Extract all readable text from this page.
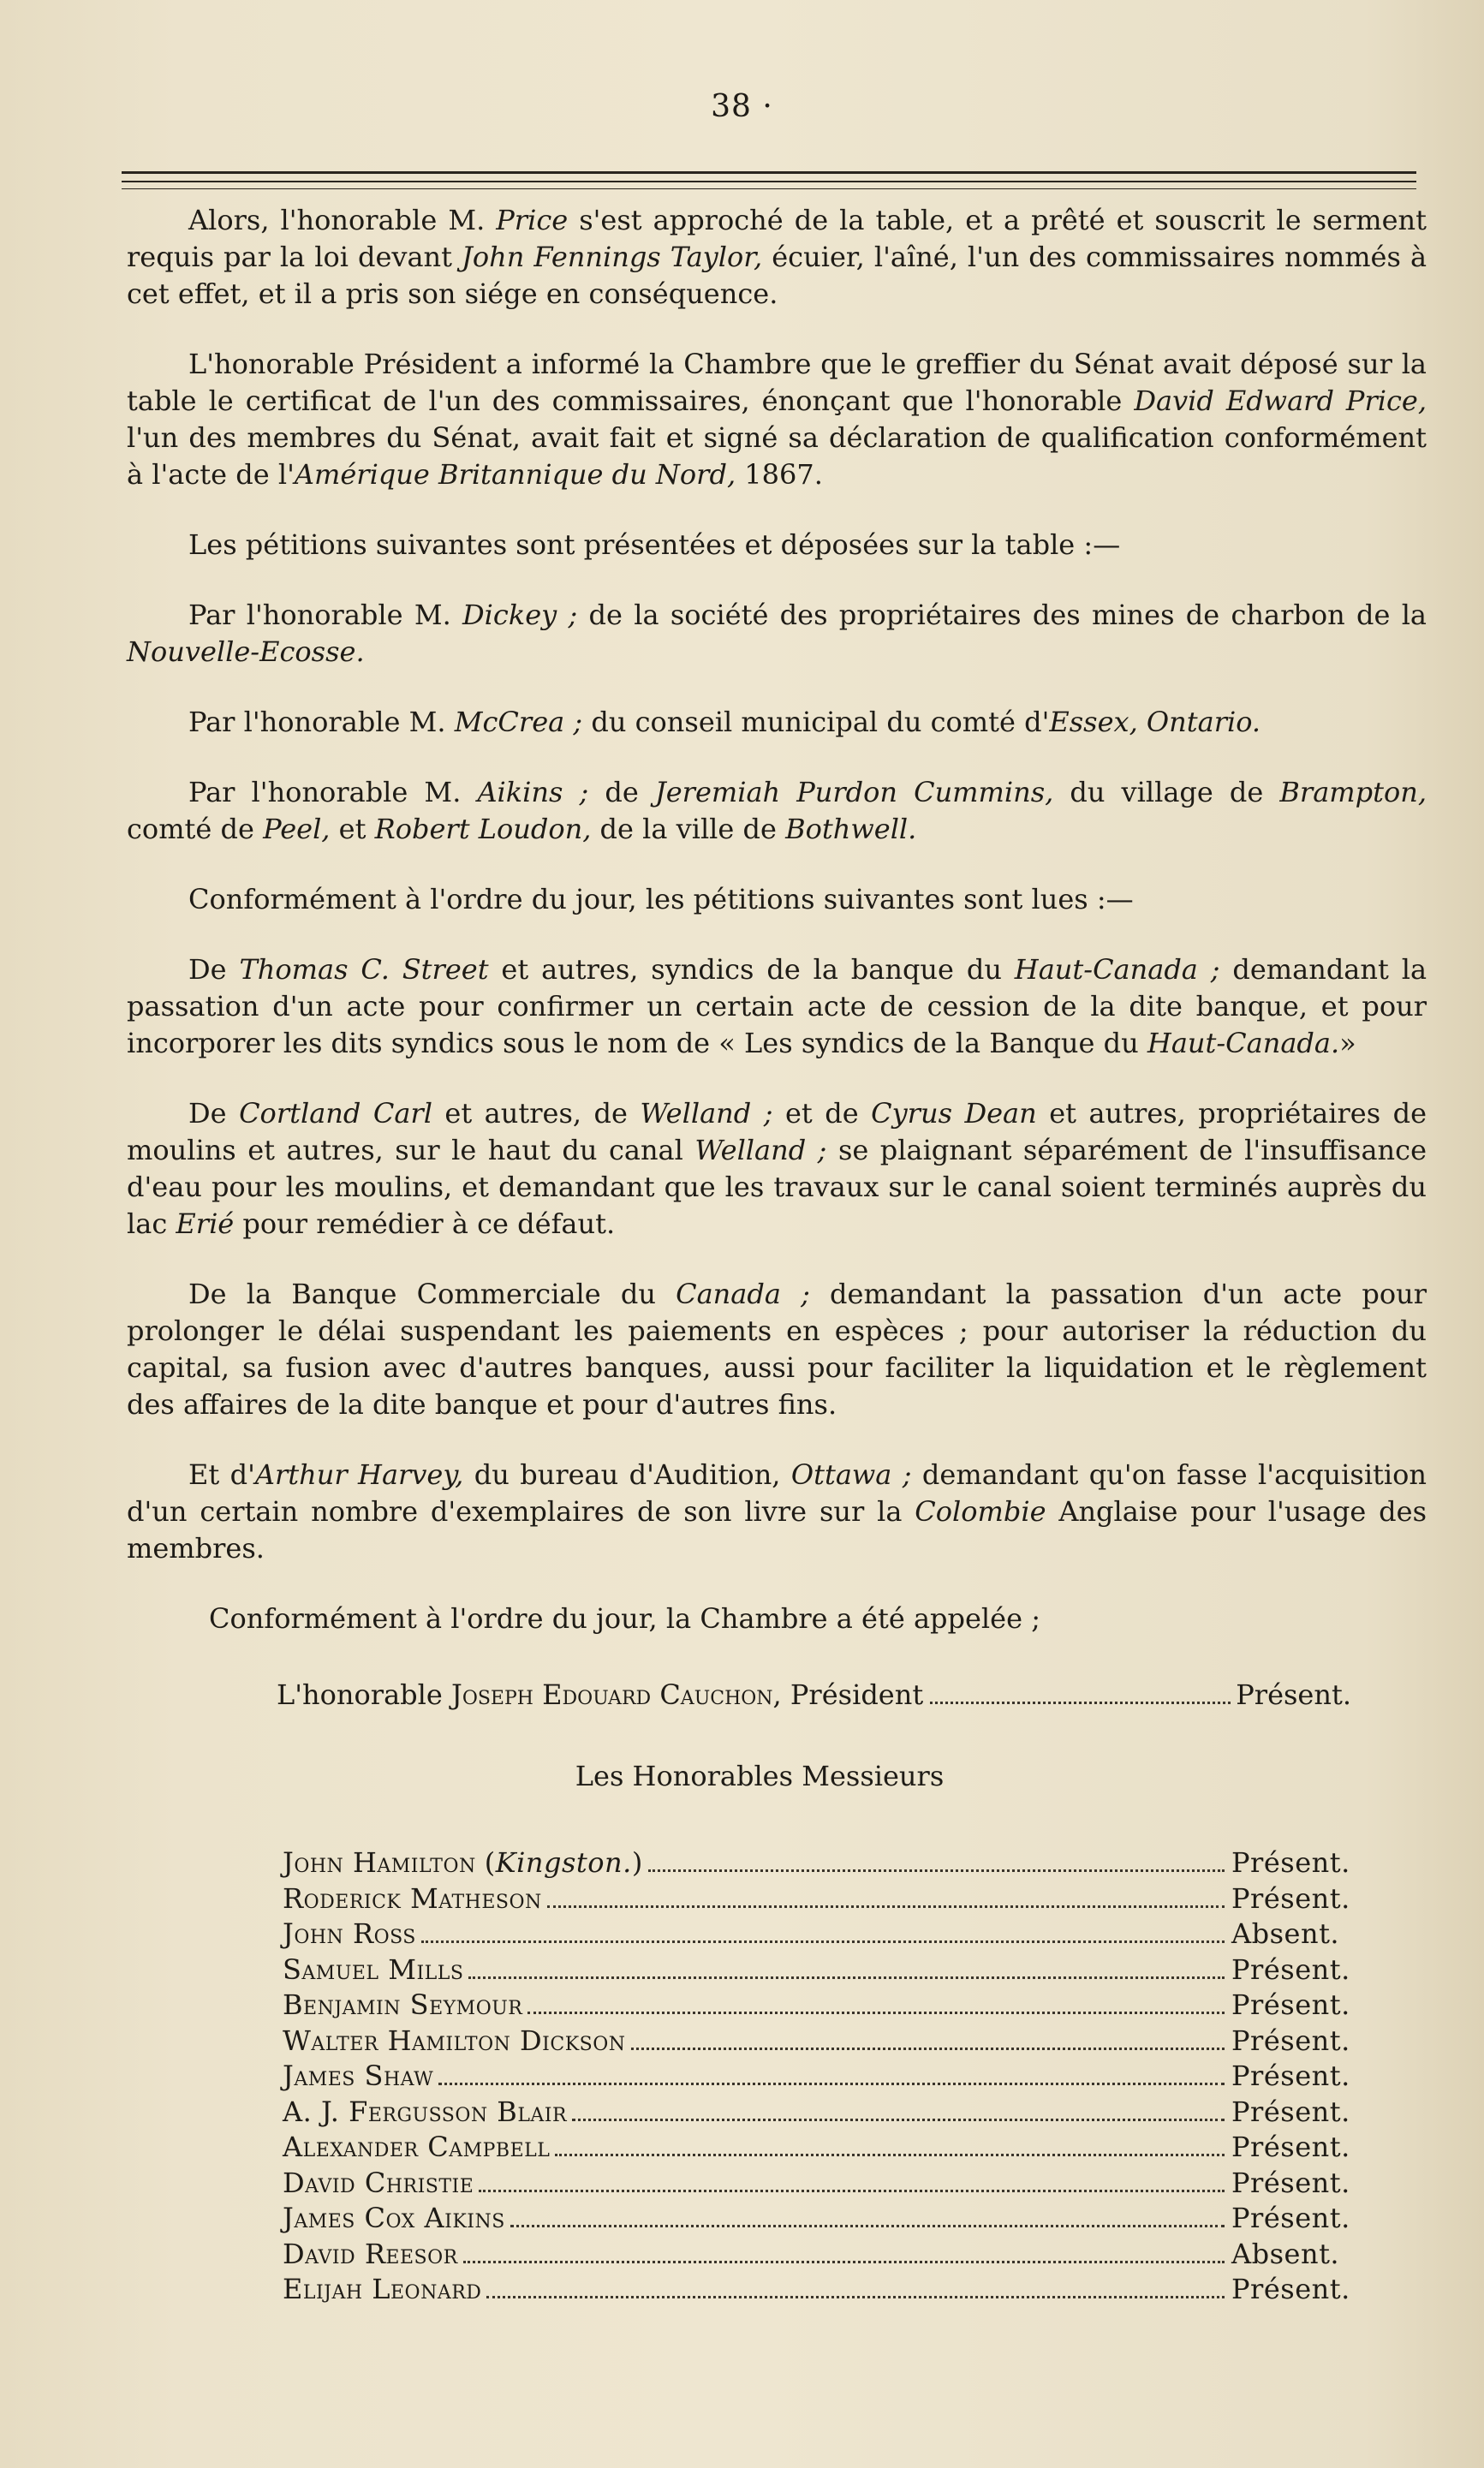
38 ·

Alors, l'honorable M. Price s'est approché de la table, et a prêté et souscrit le serment requis par la loi devant John Fennings Taylor, écuier, l'aîné, l'un des commissaires nommés à cet effet, et il a pris son siége en conséquence.

L'honorable Président a informé la Chambre que le greffier du Sénat avait déposé sur la table le certificat de l'un des commissaires, énonçant que l'honorable David Edward Price, l'un des membres du Sénat, avait fait et signé sa déclaration de qualification conformément à l'acte de l'Amérique Britannique du Nord, 1867.

Les pétitions suivantes sont présentées et déposées sur la table :—

Par l'honorable M. Dickey ; de la société des propriétaires des mines de charbon de la Nouvelle-Ecosse.

Par l'honorable M. McCrea ; du conseil municipal du comté d'Essex, Ontario.

Par l'honorable M. Aikins ; de Jeremiah Purdon Cummins, du village de Brampton, comté de Peel, et Robert Loudon, de la ville de Bothwell.

Conformément à l'ordre du jour, les pétitions suivantes sont lues :—

De Thomas C. Street et autres, syndics de la banque du Haut-Canada ; demandant la passation d'un acte pour confirmer un certain acte de cession de la dite banque, et pour incorporer les dits syndics sous le nom de « Les syndics de la Banque du Haut-Canada.»

De Cortland Carl et autres, de Welland ; et de Cyrus Dean et autres, propriétaires de moulins et autres, sur le haut du canal Welland ; se plaignant séparément de l'insuffisance d'eau pour les moulins, et demandant que les travaux sur le canal soient terminés auprès du lac Erié pour remédier à ce défaut.

De la Banque Commerciale du Canada ; demandant la passation d'un acte pour prolonger le délai suspendant les paiements en espèces ; pour autoriser la réduction du capital, sa fusion avec d'autres banques, aussi pour faciliter la liquidation et le règlement des affaires de la dite banque et pour d'autres fins.

Et d'Arthur Harvey, du bureau d'Audition, Ottawa ; demandant qu'on fasse l'acquisition d'un certain nombre d'exemplaires de son livre sur la Colombie Anglaise pour l'usage des membres.

Conformément à l'ordre du jour, la Chambre a été appelée ;

L'honorable
Joseph Edouard Cauchon , Président	Présent.
Les Honorables Messieurs
John Hamilton (Kingston.)	Présent.
Roderick Matheson	Présent.
John Ross	Absent.
Samuel Mills	Présent.
Benjamin Seymour	Présent.
Walter Hamilton Dickson	Présent.
James Shaw	Présent.
A. J. Fergusson Blair	Présent.
Alexander Campbell	Présent.
David Christie	Présent.
James Cox Aikins	Présent.
David Reesor	Absent.
Elijah Leonard	Présent.
